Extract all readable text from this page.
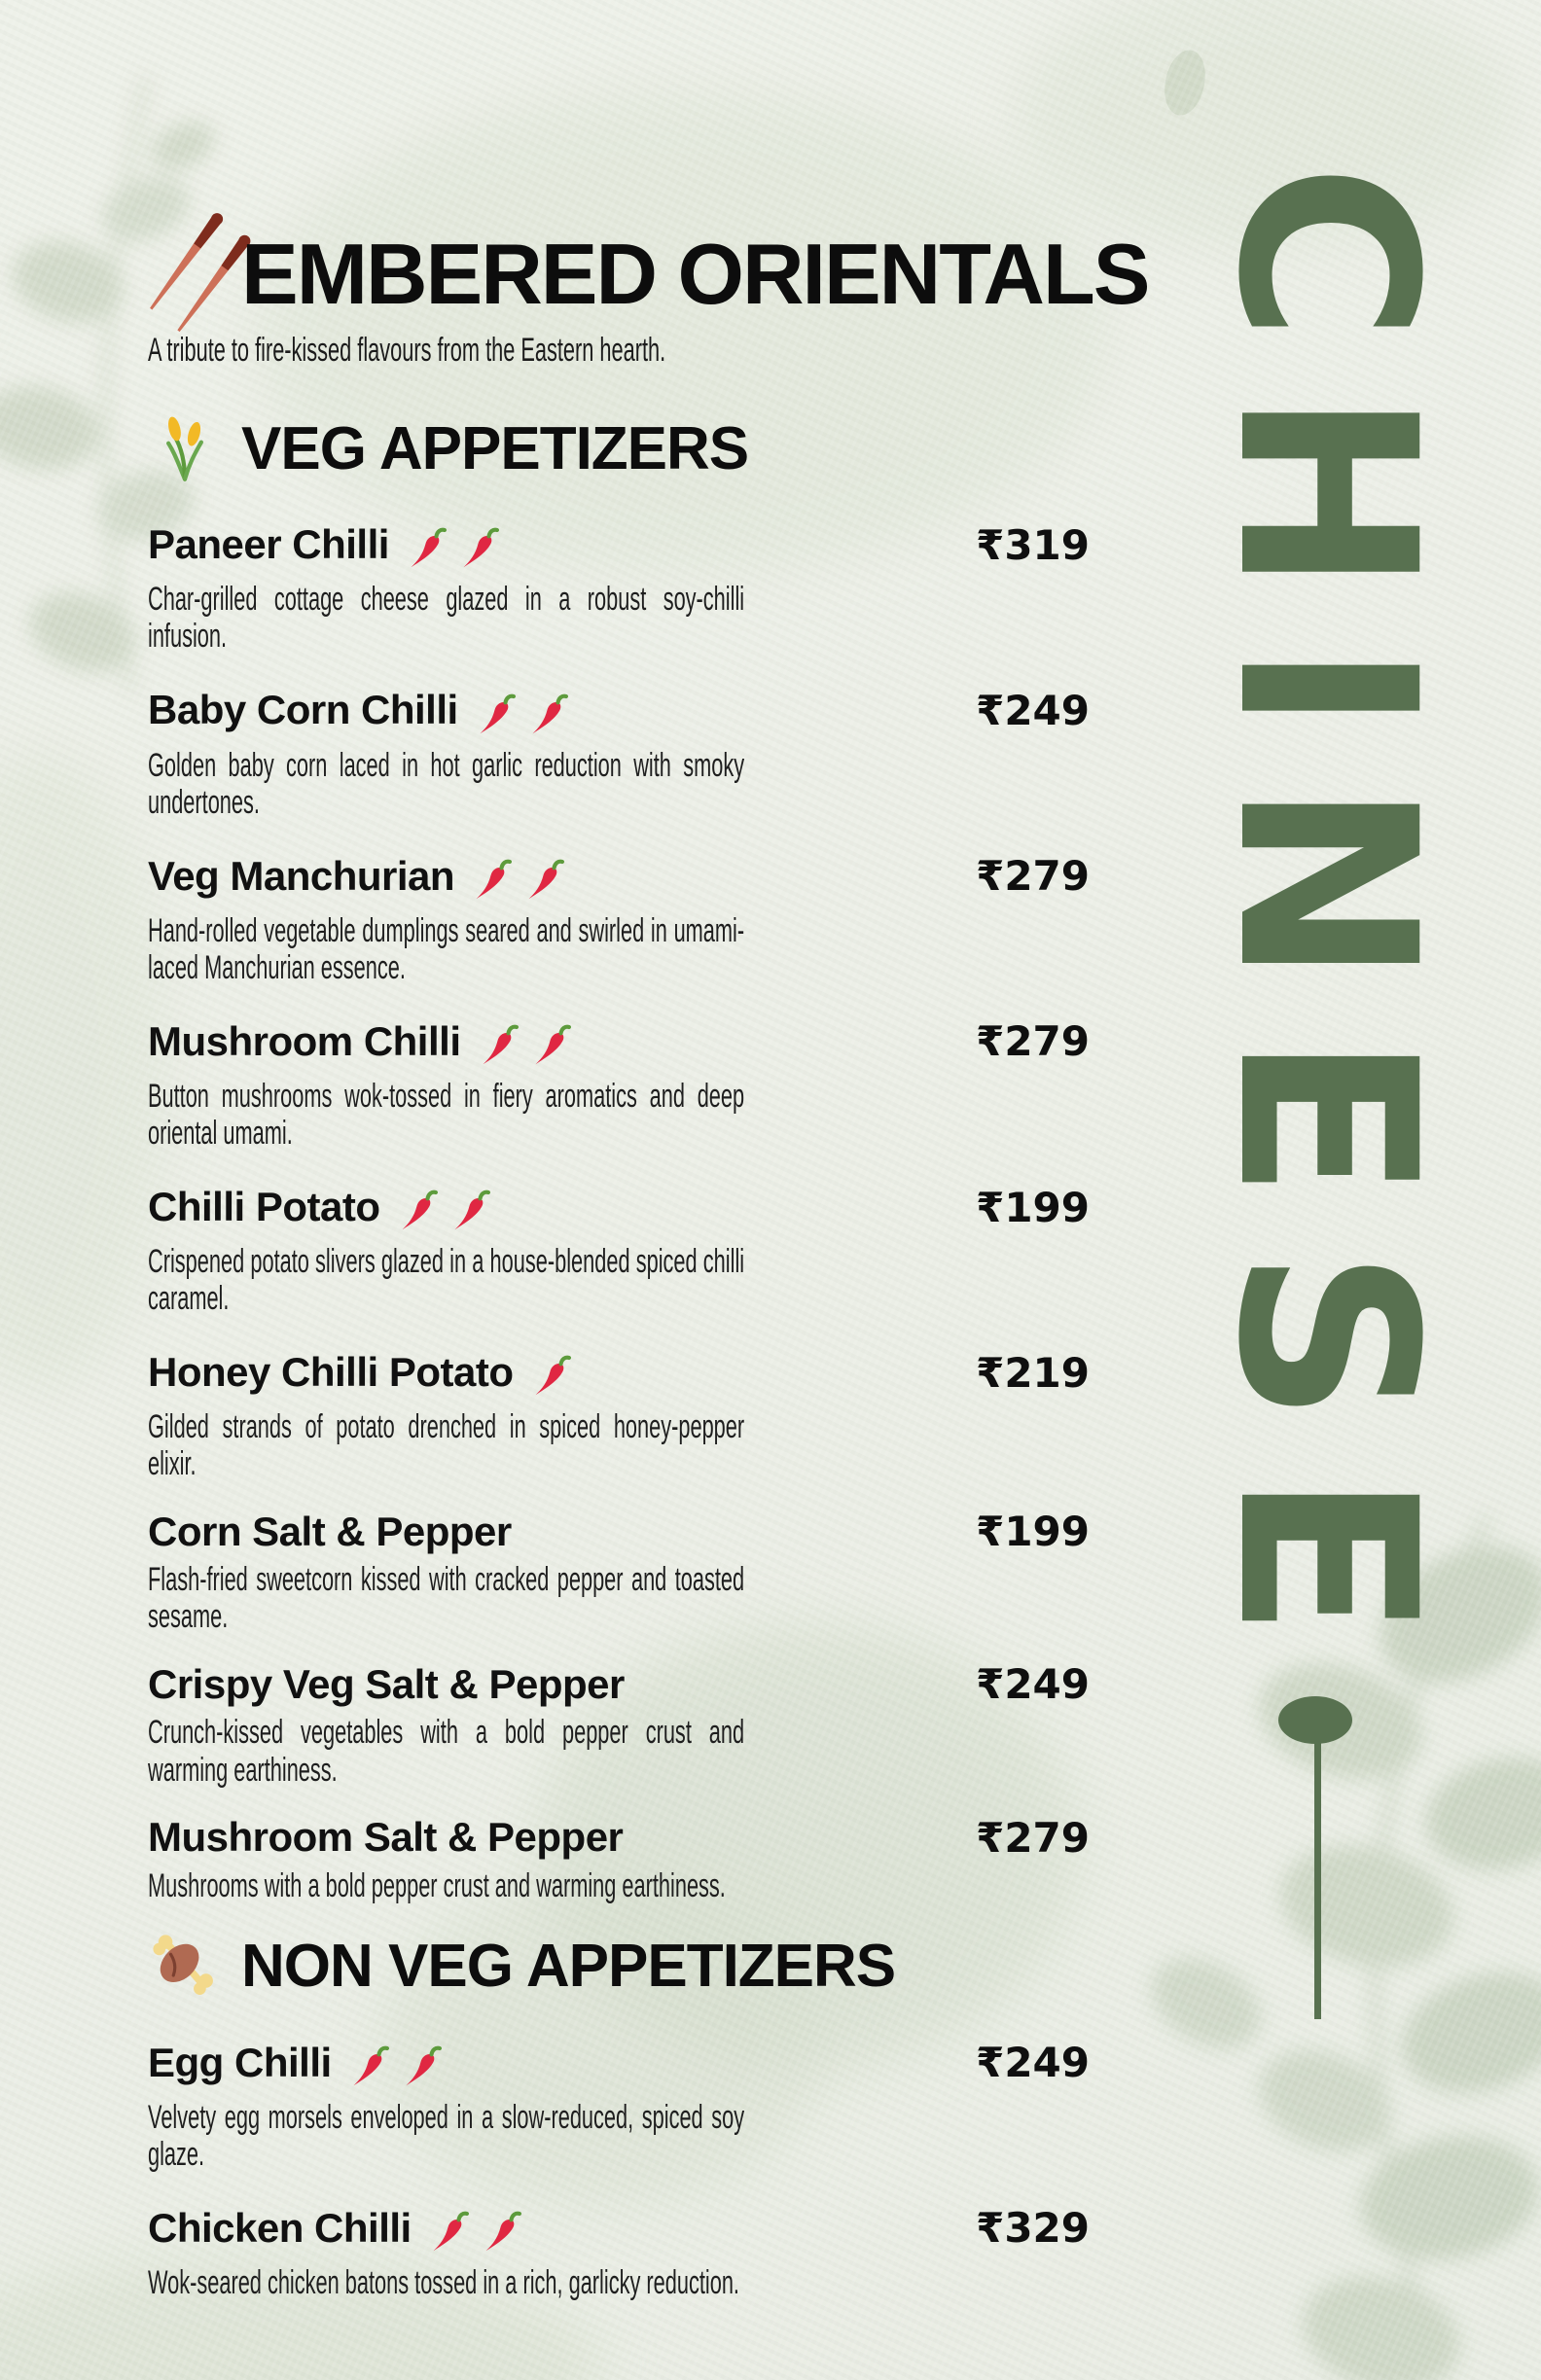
CHINESE
EMBERED ORIENTALS
A tribute to fire-kissed flavours from the Eastern hearth.
VEG APPETIZERS
Paneer Chilli	₹319

Char-grilled cottage cheese glazed in a robust soy-chilli infusion.

Baby Corn Chilli	₹249

Golden baby corn laced in hot garlic reduction with smoky undertones.

Veg Manchurian	₹279

Hand-rolled vegetable dumplings seared and swirled in umami-laced Manchurian essence.

Mushroom Chilli	₹279

Button mushrooms wok-tossed in fiery aromatics and deep oriental umami.

Chilli Potato	₹199

Crispened potato slivers glazed in a house-blended spiced chilli caramel.

Honey Chilli Potato	₹219

Gilded strands of potato drenched in spiced honey-pepper elixir.

Corn Salt & Pepper	₹199

Flash-fried sweetcorn kissed with cracked pepper and toasted sesame.

Crispy Veg Salt & Pepper	₹249

Crunch-kissed vegetables with a bold pepper crust and warming earthiness.

Mushroom Salt & Pepper	₹279

Mushrooms with a bold pepper crust and warming earthiness.

NON VEG APPETIZERS
Egg Chilli	₹249

Velvety egg morsels enveloped in a slow-reduced, spiced soy glaze.

Chicken Chilli	₹329

Wok-seared chicken batons tossed in a rich, garlicky reduction.
